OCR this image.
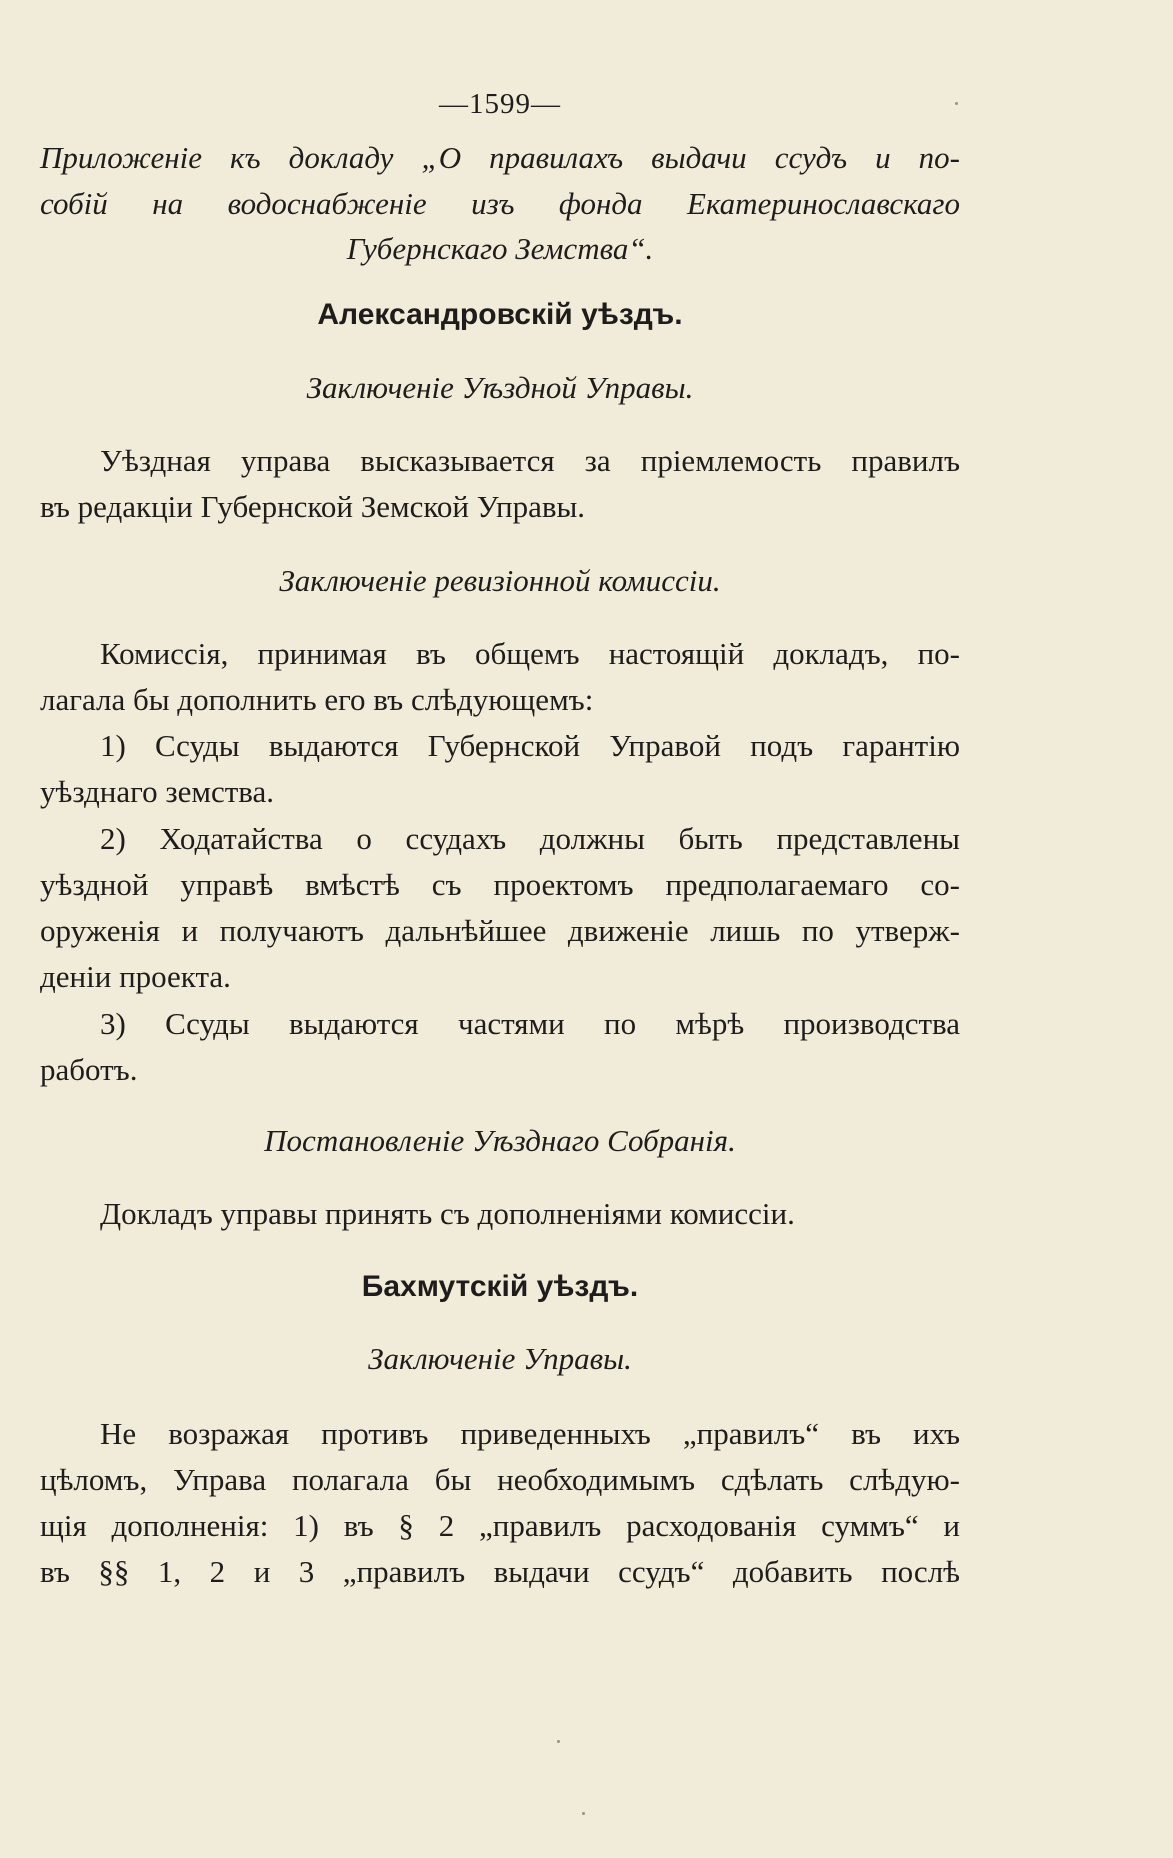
—1599—
Приложеніе къ докладу „О правилахъ выдачи ссудъ и по-
собій на водоснабженіе изъ фонда Екатеринославскаго
Губернскаго Земства“.
Александровскій уѣздъ.
Заключеніе Уѣздной Управы.
Уѣздная управа высказывается за пріемлемость правилъ
въ редакціи Губернской Земской Управы.
Заключеніе ревизіонной комиссіи.
Комиссія, принимая въ общемъ настоящій докладъ, по-
лагала бы дополнить его въ слѣдующемъ:
1) Ссуды выдаются Губернской Управой подъ гарантію
уѣзднаго земства.
2) Ходатайства о ссудахъ должны быть представлены
уѣздной управѣ вмѣстѣ съ проектомъ предполагаемаго со-
оруженія и получаютъ дальнѣйшее движеніе лишь по утверж-
деніи проекта.
3) Ссуды выдаются частями по мѣрѣ производства
работъ.
Постановленіе Уѣзднаго Собранія.
Докладъ управы принять съ дополненіями комиссіи.
Бахмутскій уѣздъ.
Заключеніе Управы.
Не возражая противъ приведенныхъ „правилъ“ въ ихъ
цѣломъ, Управа полагала бы необходимымъ сдѣлать слѣдую-
щія дополненія: 1) въ § 2 „правилъ расходованія суммъ“ и
въ §§ 1, 2 и 3 „правилъ выдачи ссудъ“ добавить послѣ
